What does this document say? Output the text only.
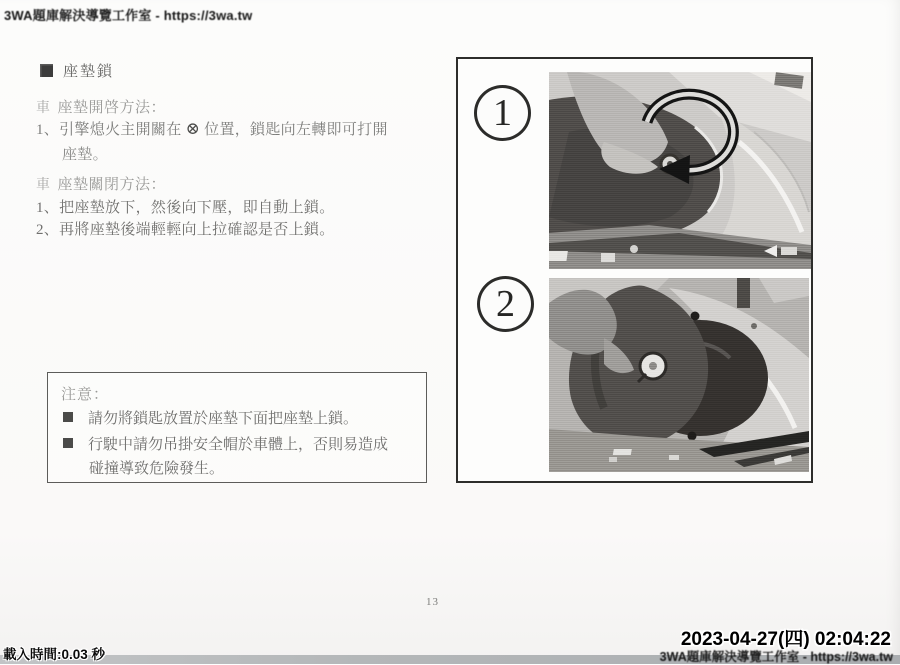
3WA題庫解決導覽工作室 - https://3wa.tw
座墊鎖
車 座墊開啓方法：
1、引擎熄火主開關在 ⊗ 位置，鎖匙向左轉即可打開
座墊。
車 座墊關閉方法：
1、把座墊放下，然後向下壓，即自動上鎖。
2、再將座墊後端輕輕向上拉確認是否上鎖。
注意：
請勿將鎖匙放置於座墊下面把座墊上鎖。
行駛中請勿吊掛安全帽於車體上，否則易造成
碰撞導致危險發生。
1
2
13
載入時間:0.03 秒
2023-04-27(四) 02:04:22
3WA題庫解決導覽工作室 - https://3wa.tw
